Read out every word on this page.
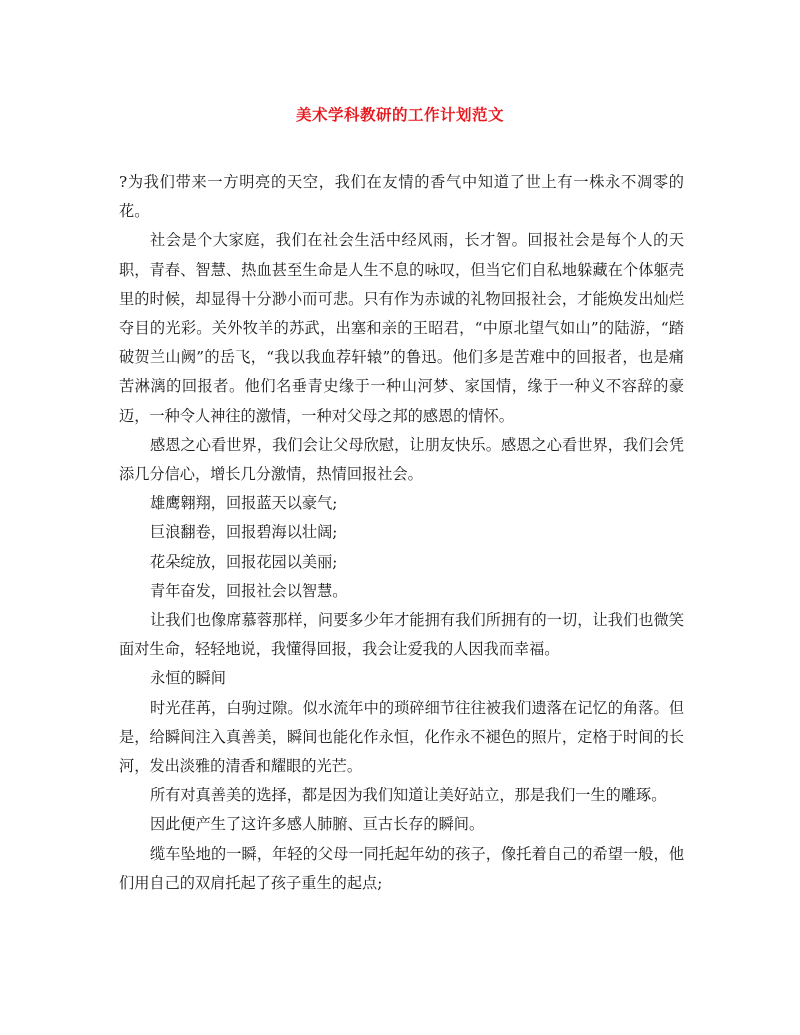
美术学科教研的工作计划范文

?为我们带来一方明亮的天空，我们在友情的香气中知道了世上有一株永不凋零的花。

社会是个大家庭，我们在社会生活中经风雨，长才智。回报社会是每个人的天职，青春、智慧、热血甚至生命是人生不息的咏叹，但当它们自私地躲藏在个体躯壳里的时候，却显得十分渺小而可悲。只有作为赤诚的礼物回报社会，才能焕发出灿烂夺目的光彩。关外牧羊的苏武，出塞和亲的王昭君，“中原北望气如山”的陆游，“踏破贺兰山阙”的岳飞，“我以我血荐轩辕”的鲁迅。他们多是苦难中的回报者，也是痛苦淋漓的回报者。他们名垂青史缘于一种山河梦、家国情，缘于一种义不容辞的豪迈，一种令人神往的激情，一种对父母之邦的感恩的情怀。

感恩之心看世界，我们会让父母欣慰，让朋友快乐。感恩之心看世界，我们会凭添几分信心，增长几分激情，热情回报社会。

雄鹰翱翔，回报蓝天以豪气;

巨浪翻卷，回报碧海以壮阔;

花朵绽放，回报花园以美丽;

青年奋发，回报社会以智慧。

让我们也像席慕蓉那样，问要多少年才能拥有我们所拥有的一切，让我们也微笑面对生命，轻轻地说，我懂得回报，我会让爱我的人因我而幸福。

永恒的瞬间

时光荏苒，白驹过隙。似水流年中的琐碎细节往往被我们遗落在记忆的角落。但是，给瞬间注入真善美，瞬间也能化作永恒，化作永不褪色的照片，定格于时间的长河，发出淡雅的清香和耀眼的光芒。

所有对真善美的选择，都是因为我们知道让美好站立，那是我们一生的雕琢。

因此便产生了这许多感人肺腑、亘古长存的瞬间。

缆车坠地的一瞬，年轻的父母一同托起年幼的孩子，像托着自己的希望一般，他们用自己的双肩托起了孩子重生的起点;
